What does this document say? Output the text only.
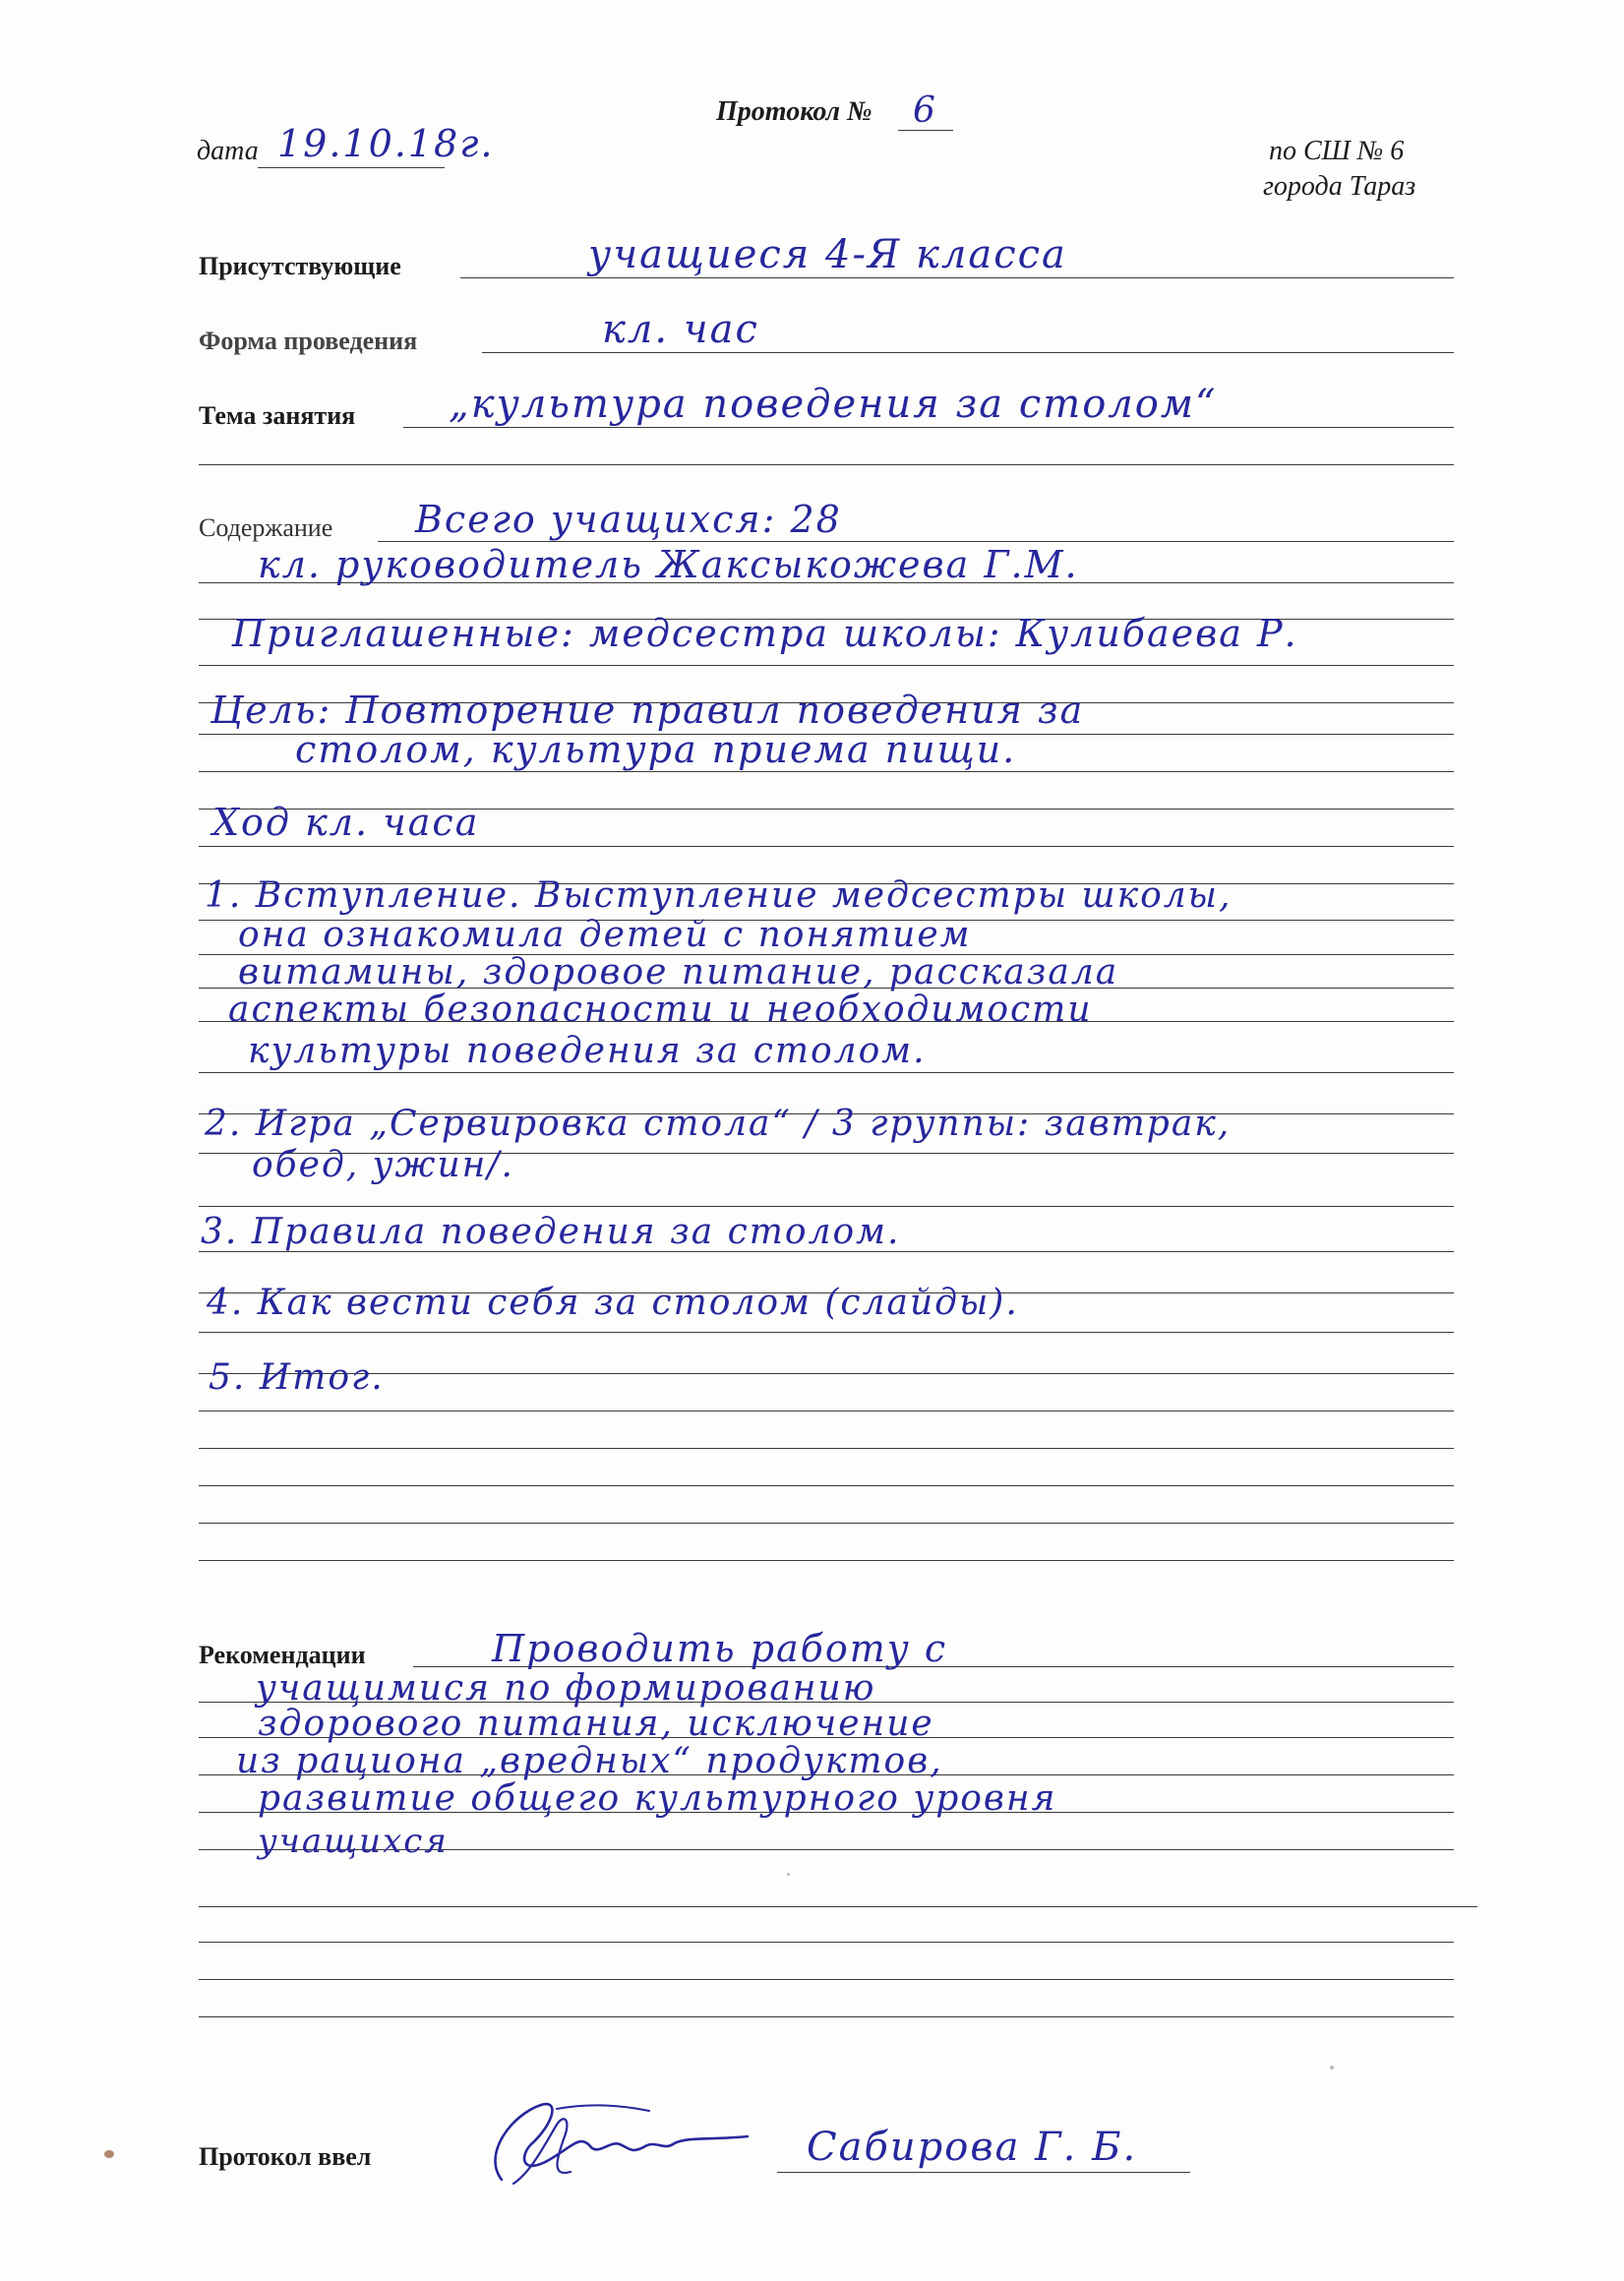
Протокол № 6
дата 19.10.18г.	по СШ № 6
города Тараз
Присутствующие	учащиеся 4-Я класса
Форма проведения	кл. час
Тема занятия „культура поведения за столом“
Содержание Всего учащихся: 28
кл. руководитель Жаксыкожева Г.М.
Приглашенные: медсестра школы: Кулибаева Р.
Цель: Повторение правил поведения за
столом, культура приема пищи.
Ход кл. часа
1. Вступление. Выступление медсестры школы,
она ознакомила детей с понятием
витамины, здоровое питание, рассказала
аспекты безопасности и необходимости
культуры поведения за столом.
2. Игра „Сервировка стола“ / 3 группы: завтрак,
обед, ужин/.
3. Правила поведения за столом.
4. Как вести себя за столом (слайды).
5. Итог.
Рекомендации	Проводить работу с
учащимися по формированию
здорового питания, исключение
из рациона „вредных“ продуктов,
развитие общего культурного уровня
учащихся
Протокол ввел	Сабирова Г. Б.
